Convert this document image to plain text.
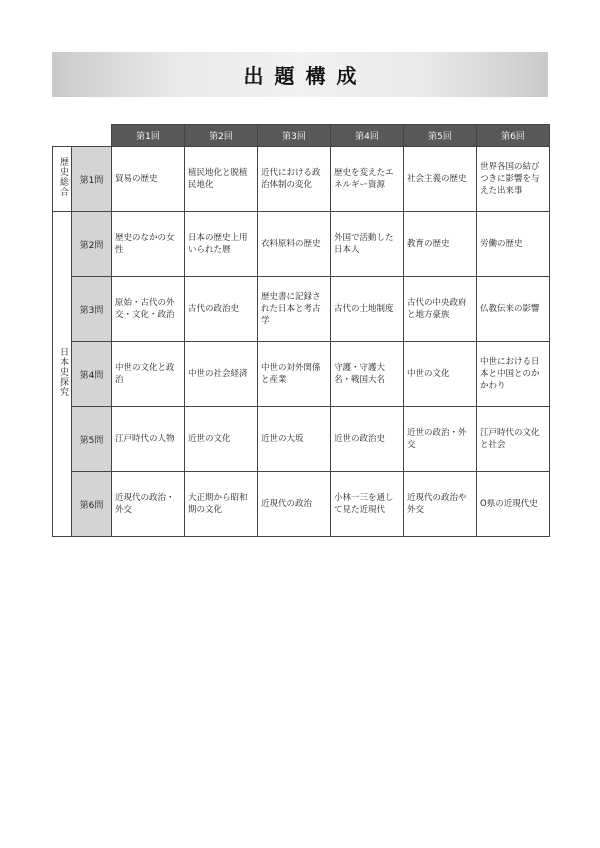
出題構成
		第1回	第2回	第3回	第4回	第5回	第6回
歴史総合	第1問	貿易の歴史	植民地化と脱植民地化	近代における政治体制の変化	歴史を変えたエネルギー資源	社会主義の歴史	世界各国の結びつきに影響を与えた出来事
日本史探究	第2問	歴史のなかの女性	日本の歴史上用いられた暦	衣料原料の歴史	外国で活動した日本人	教育の歴史	労働の歴史
	第3問	原始・古代の外交・文化・政治	古代の政治史	歴史書に記録された日本と考古学	古代の土地制度	古代の中央政府と地方豪族	仏教伝来の影響
	第4問	中世の文化と政治	中世の社会経済	中世の対外関係と産業	守護・守護大名・戦国大名	中世の文化	中世における日本と中国とのかかわり
	第5問	江戸時代の人物	近世の文化	近世の大坂	近世の政治史	近世の政治・外交	江戸時代の文化と社会
	第6問	近現代の政治・外交	大正期から昭和期の文化	近現代の政治	小林一三を通して見た近現代	近現代の政治や外交	O県の近現代史
